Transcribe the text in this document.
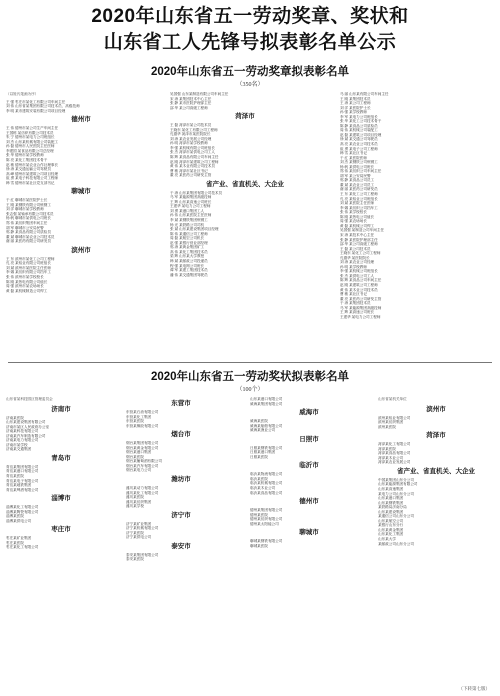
2020年山东省五一劳动奖章、奖状和
山东省工人先锋号拟表彰名单公示
2020年山东省五一劳动奖章拟表彰名单
（350名）
（以姓氏笔画为序）
王 强 枣庄市某化工有限公司车间主任
刘 伟 山东省某集团有限公司技术员、高级技师
李 明 某市建筑安装有限公司项目经理
德州市
王 伟 德州市某公司生产车间主任
王国栋 某纺织有限公司技术员
朱 宁 德州市某电力公司班组长
刘 杰 山东某机械有限公司装配工
孙 磊 德州市人民医院主任医师
李建国 某食品有限公司总经理
张 华 德州市某学校教师
陈 亮 某化工集团技术骨干
赵 敏 德州市某农业合作社理事长
徐 涛 某交通运输公司驾驶员
高 峰 德州市某建筑公司项目经理
崔 勇 某电子科技有限公司工程师
韩 雪 德州市某社区党支部书记
聊城市
于 红 聊城市某医院护士长
王 刚 某钢铁有限公司炼钢工
刘 洋 聊城市某学校教师
张志强 某轴承有限公司技术员
杨 帆 聊城市某供电公司班长
郑 伟 某纺织集团车间主任
胡 军 聊城市公安局民警
郭 静 某食品有限公司质检员
董 斌 聊城市某农业公司技术员
谢 丽 某医药有限公司研发员
滨州市
王 东 滨州市某化工公司工程师
孔 亮 某铝业有限公司班组长
刘 斌 滨州市某医院主任医师
李 娜 某纺织有限公司挡车工
张 伟 滨州市某学校校长
陈 刚 某热电有限公司值长
周 强 滨州市某农场场长
黄 磊 某机械制造公司焊工
吴国强 山东某制造有限公司车间主任
宋 涛 某集团技术中心主任
张 静 某市医院护理部主任
邵 华 某公司高级工程师
菏泽市
王 磊 菏泽市某公司技术员
王晓东 某化工有限公司工程师
孔德华 菏泽市某医院院长
刘 涛 某农业发展公司经理
孙 明 菏泽市某学校教师
李 强 某机械有限公司班组长
张 杰 菏泽市某供电公司工人
陈 辉 某食品有限公司车间主任
赵 刚 菏泽市某建筑公司工程师
黄 伟 某木业有限公司技术员
曹 敏 菏泽市某社区书记
董 亮 某医药公司研发主管
省产业、省直机关、大企业
于 涛 山东某集团有限公司技术员
马 军 某能源集团高级技师
王 辉 山东某高速公司班长
王建华 某电力公司工程师
刘 勇 某港口集团工人
孙 伟 山东某医院主任医师
李 斌 某钢铁集团炼钢工
杨 光 某铁路公司司机
张 斌 山东某建设集团项目经理
陈 伟 某通信公司工程师
周 磊 某航空公司机长
赵 强 某银行营业部经理
郭 涛 某黄金集团矿工
高 伟 某化工集团技术员
梁 辉 山东某大学教授
韩 斌 某邮政公司投递员
程 强 某电网公司班长
谭 军 某建工集团技术员
潘 伟 某交通集团驾驶员
马 丽 山东某有限公司车间主任
王 刚 某集团技术员
王 涛 某公司工程师
刘 洋 某医院护士长
孙 强 某学校教师
李 军 某电力公司班组长
张 华 某化工公司技术骨干
陈 静 某食品公司质检员
周 伟 某机械公司装配工
赵 磊 某建筑公司项目经理
徐 斌 某交通公司驾驶员
高 亮 某农业公司技术员
崔 勇 某电子公司工程师
韩 雪 某社区书记
于 红 某医院医师
刘 杰 某钢铁公司炼钢工
杨 帆 某供电公司班长
郑 伟 某纺织公司车间主任
胡 军 某公安局民警
郭 静 某食品公司员工
董 斌 某农业公司员工
谢 丽 某医药公司研发员
王 东 某化工公司工程师
孔 亮 某铝业公司班组长
刘 斌 某医院主任医师
李 娜 某纺织公司挡车工
张 伟 某学校校长
陈 刚 某热电公司值长
周 强 某农场场长
黄 磊 某机械公司焊工
吴国强 某制造公司车间主任
宋 涛 某技术中心主任
张 静 某医院护理部主任
邵 华 某公司高级工程师
王 磊 某公司技术员
王晓东 某化工公司工程师
孔德华 某医院院长
刘 涛 某农业公司经理
孙 明 某学校教师
李 强 某机械公司班组长
张 杰 某供电公司工人
陈 辉 某食品公司车间主任
赵 刚 某建筑公司工程师
黄 伟 某木业公司技术员
曹 敏 某社区书记
董 亮 某医药公司研发主管
于 涛 某集团技术员
马 军 某能源集团高级技师
王 辉 某高速公司班长
王建华 某电力公司工程师
2020年山东省五一劳动奖状拟表彰名单
（100个）
山东省某科技园区管理委员会
济南市
济南某医院
山东某建设集团有限公司
济南市某区人民政府办公室
济南某科技有限公司
济南某汽车制造有限公司
济南某电力有限公司
济南市某学校
济南某交通集团
青岛市
青岛某集团有限公司
青岛某港口有限公司
青岛某医院
青岛某电子有限公司
青岛某地铁集团
青岛某啤酒有限公司
淄博市
淄博某化工有限公司
淄博某陶瓷有限公司
淄博某医院
淄博某供电公司
枣庄市
枣庄某矿业集团
枣庄某医院
枣庄某化工有限公司
东营市
东营某石油有限公司
东营某化工集团
东营某医院
东营某橡胶有限公司
烟台市
烟台某集团有限公司
烟台某黄金有限公司
烟台某港口集团
烟台某医院
烟台某葡萄酒有限公司
烟台某汽车有限公司
烟台某电力公司
潍坊市
潍坊某动力有限公司
潍坊某化工有限公司
潍坊某医院
潍坊某纺织集团
潍坊某学校
济宁市
济宁某矿业集团
济宁某机械有限公司
济宁某医院
济宁某供电公司
泰安市
泰安某集团有限公司
泰安某医院
山东某港口有限公司
威海某集团有限公司
威海市
威海某医院
威海某船舶有限公司
威海某渔业公司
日照市
日照某钢铁有限公司
日照某港口集团
日照某医院
临沂市
临沂某物流有限公司
临沂某医院
临沂某机械有限公司
临沂某木业公司
临沂某食品有限公司
德州市
德州某集团有限公司
德州某医院
德州某纺织有限公司
德州某太阳能公司
聊城市
聊城某钢铁有限公司
聊城某医院
山东省某机关单位
滨州市
滨州某铝业有限公司
滨州某纺织集团
滨州某医院
菏泽市
菏泽某化工有限公司
菏泽某医院
菏泽某食品有限公司
菏泽某木业公司
菏泽某农业发展公司
省产业、省直机关、大企业
中国某集团山东分公司
山东某能源集团有限公司
山东某高速集团
某电力公司山东分公司
山东某港口集团
山东某钢铁集团
某铁路局济南分局
山东某建设集团
某通信公司山东分公司
山东某航空公司
某银行山东分行
山东某黄金集团
山东某化工集团
山东某大学
某邮政公司山东分公司
（下转第七版）
